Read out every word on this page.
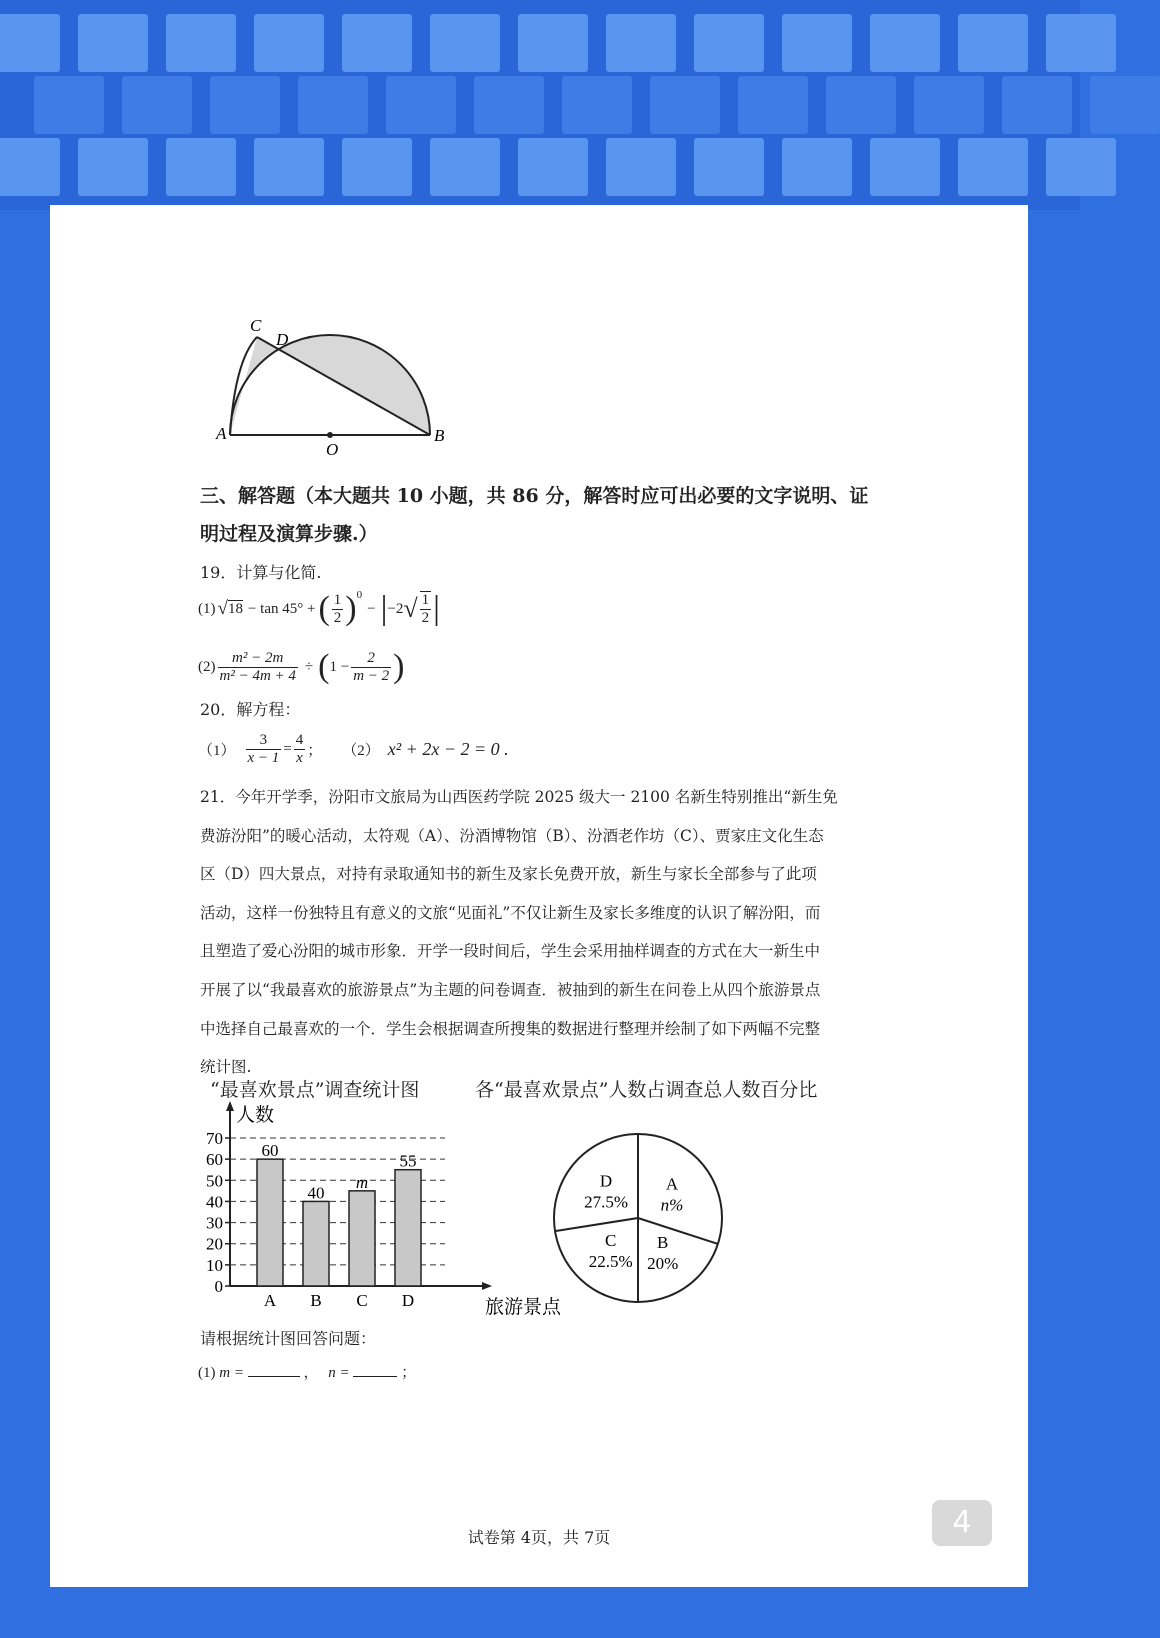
C
D
A
O
B
三、解答题（本大题共 10 小题，共 86 分，解答时应可出必要的文字说明、证
明过程及演算步骤.）
19．计算与化简.
(1) √ 18 − tan 45° + ( $\frac{1}{2} )^0$
− | −2 √ $\frac{1}{2}$ |
$(2) \frac{\text{m² − 2m}}{\text{m² − 4m + 4}}$ ÷ ( $1 - \frac{2}{m - 2}$ )
20．解方程：
$(1) \frac{3}{x - 1} = \frac{4}{x}$ ； （2） x² + 2x − 2 = 0 .
21．今年开学季，汾阳市文旅局为山西医药学院 2025 级大一 2100 名新生特别推出“新生免
费游汾阳”的暖心活动，太符观（A）、汾酒博物馆（B）、汾酒老作坊（C）、贾家庄文化生态
区（D）四大景点，对持有录取通知书的新生及家长免费开放，新生与家长全部参与了此项
活动，这样一份独特且有意义的文旅“见面礼”不仅让新生及家长多维度的认识了解汾阳，而
且塑造了爱心汾阳的城市形象．开学一段时间后，学生会采用抽样调查的方式在大一新生中
开展了以“我最喜欢的旅游景点”为主题的问卷调查．被抽到的新生在问卷上从四个旅游景点
中选择自己最喜欢的一个．学生会根据调查所搜集的数据进行整理并绘制了如下两幅不完整
统计图.
“最喜欢景点”调查统计图	各“最喜欢景点”人数占调查总人数百分比
0
10
20
30
40
50
60
70
人数
旅游景点
60
A
40
B
m
C
55
D
A
n%
B
20%
C
22.5%
D
27.5%
请根据统计图回答问题：
(1) m =	， n =	；
试卷第 4页，共 7页	4
